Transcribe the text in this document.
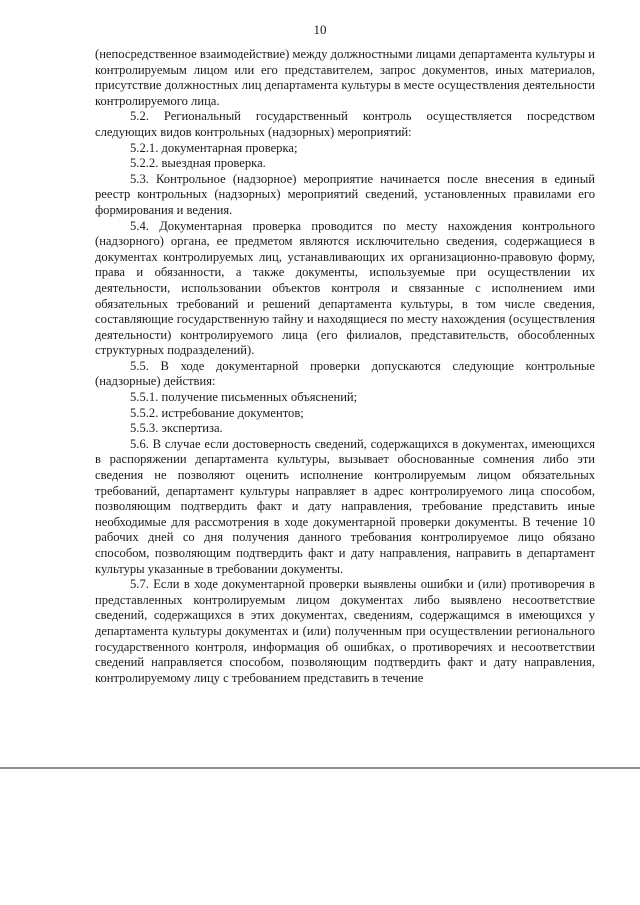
10

(непосредственное взаимодействие) между должностными лицами департамента культуры и контролируемым лицом или его представителем, запрос документов, иных материалов, присутствие должностных лиц департамента культуры в месте осуществления деятельности контролируемого лица.

5.2. Региональный государственный контроль осуществляется посредством следующих видов контрольных (надзорных) мероприятий:

5.2.1. документарная проверка;

5.2.2. выездная проверка.

5.3. Контрольное (надзорное) мероприятие начинается после внесения в единый реестр контрольных (надзорных) мероприятий сведений, установленных правилами его формирования и ведения.

5.4. Документарная проверка проводится по месту нахождения контрольного (надзорного) органа, ее предметом являются исключительно сведения, содержащиеся в документах контролируемых лиц, устанавливающих их организационно-правовую форму, права и обязанности, а также документы, используемые при осуществлении их деятельности, использовании объектов контроля и связанные с исполнением ими обязательных требований и решений департамента культуры, в том числе сведения, составляющие государственную тайну и находящиеся по месту нахождения (осуществления деятельности) контролируемого лица (его филиалов, представительств, обособленных структурных подразделений).

5.5. В ходе документарной проверки допускаются следующие контрольные (надзорные) действия:

5.5.1. получение письменных объяснений;

5.5.2. истребование документов;

5.5.3. экспертиза.

5.6. В случае если достоверность сведений, содержащихся в документах, имеющихся в распоряжении департамента культуры, вызывает обоснованные сомнения либо эти сведения не позволяют оценить исполнение контролируемым лицом обязательных требований, департамент культуры направляет в адрес контролируемого лица способом, позволяющим подтвердить факт и дату направления, требование представить иные необходимые для рассмотрения в ходе документарной проверки документы. В течение 10 рабочих дней со дня получения данного требования контролируемое лицо обязано способом, позволяющим подтвердить факт и дату направления, направить в департамент культуры указанные в требовании документы.

5.7. Если в ходе документарной проверки выявлены ошибки и (или) противоречия в представленных контролируемым лицом документах либо выявлено несоответствие сведений, содержащихся в этих документах, сведениям, содержащимся в имеющихся у департамента культуры документах и (или) полученным при осуществлении регионального государственного контроля, информация об ошибках, о противоречиях и несоответствии сведений направляется способом, позволяющим подтвердить факт и дату направления, контролируемому лицу с требованием представить в течение
